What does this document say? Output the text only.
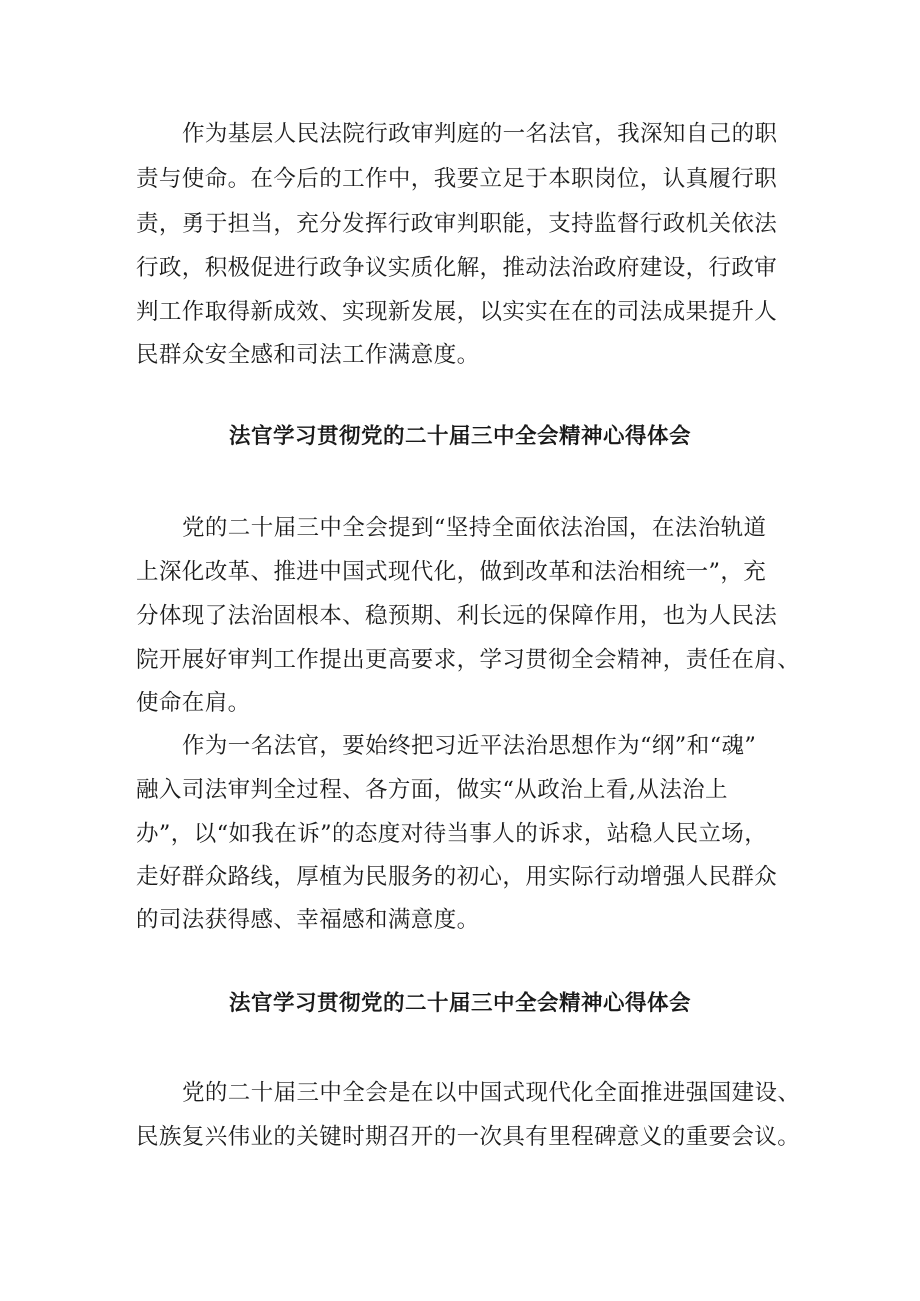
作为基层人民法院行政审判庭的一名法官，我深知自己的职

责与使命。在今后的工作中，我要立足于本职岗位，认真履行职

责，勇于担当，充分发挥行政审判职能，支持监督行政机关依法

行政，积极促进行政争议实质化解，推动法治政府建设，行政审

判工作取得新成效、实现新发展，以实实在在的司法成果提升人

民群众安全感和司法工作满意度。

法官学习贯彻党的二十届三中全会精神心得体会

党的二十届三中全会提到“坚持全面依法治国，在法治轨道

上深化改革、推进中国式现代化，做到改革和法治相统一”，充

分体现了法治固根本、稳预期、利长远的保障作用，也为人民法

院开展好审判工作提出更高要求，学习贯彻全会精神，责任在肩、

使命在肩。

作为一名法官，要始终把习近平法治思想作为“纲”和“魂”

融入司法审判全过程、各方面，做实“从政治上看,从法治上

办”，以“如我在诉”的态度对待当事人的诉求，站稳人民立场，

走好群众路线，厚植为民服务的初心，用实际行动增强人民群众

的司法获得感、幸福感和满意度。

法官学习贯彻党的二十届三中全会精神心得体会

党的二十届三中全会是在以中国式现代化全面推进强国建设、

民族复兴伟业的关键时期召开的一次具有里程碑意义的重要会议。
